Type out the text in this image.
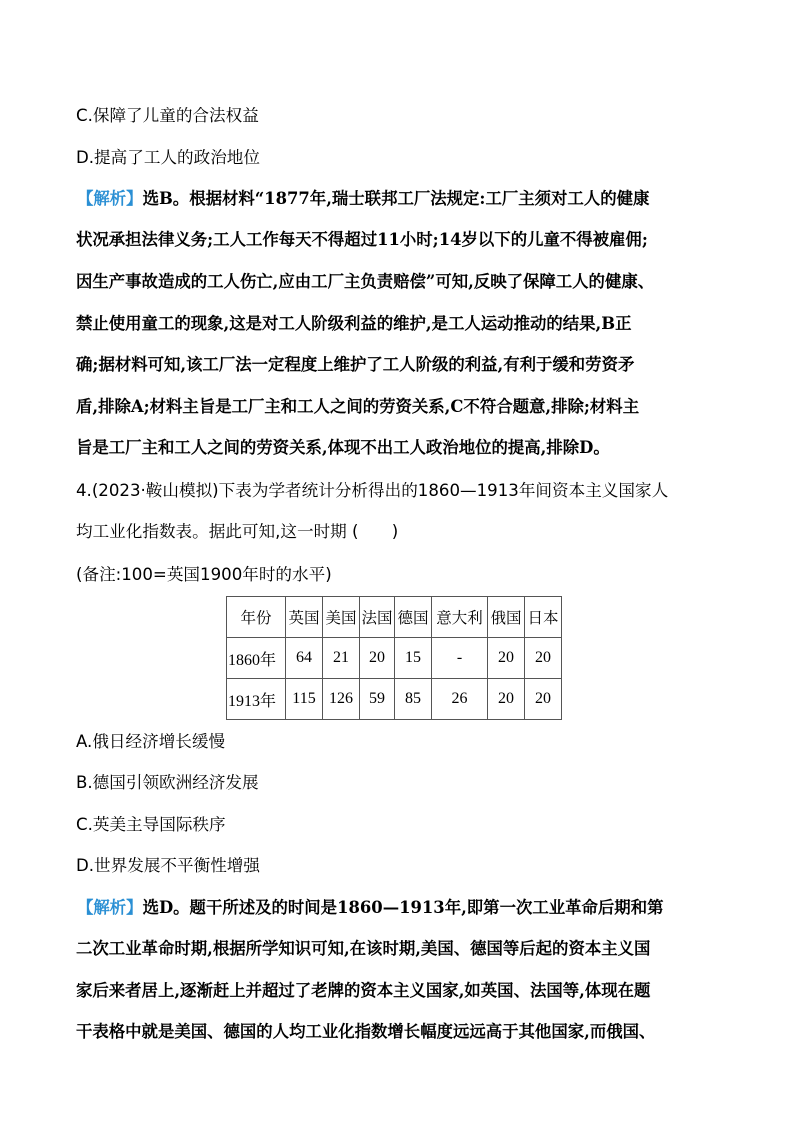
C.保障了儿童的合法权益
D.提高了工人的政治地位
【解析】选B。根据材料“1877年,瑞士联邦工厂法规定:工厂主须对工人的健康
状况承担法律义务;工人工作每天不得超过11小时;14岁以下的儿童不得被雇佣;
因生产事故造成的工人伤亡,应由工厂主负责赔偿”可知,反映了保障工人的健康、
禁止使用童工的现象,这是对工人阶级利益的维护,是工人运动推动的结果,B正
确;据材料可知,该工厂法一定程度上维护了工人阶级的利益,有利于缓和劳资矛
盾,排除A;材料主旨是工厂主和工人之间的劳资关系,C不符合题意,排除;材料主
旨是工厂主和工人之间的劳资关系,体现不出工人政治地位的提高,排除D。
4.(2023·鞍山模拟)下表为学者统计分析得出的1860—1913年间资本主义国家人
均工业化指数表。据此可知,这一时期 (　　)
(备注:100=英国1900年时的水平)
年份	英国	美国	法国	德国	意大利	俄国	日本
1860年	64	21	20	15	-	20	20
1913年	115	126	59	85	26	20	20
A.俄日经济增长缓慢
B.德国引领欧洲经济发展
C.英美主导国际秩序
D.世界发展不平衡性增强
【解析】选D。题干所述及的时间是1860—1913年,即第一次工业革命后期和第
二次工业革命时期,根据所学知识可知,在该时期,美国、德国等后起的资本主义国
家后来者居上,逐渐赶上并超过了老牌的资本主义国家,如英国、法国等,体现在题
干表格中就是美国、德国的人均工业化指数增长幅度远远高于其他国家,而俄国、
